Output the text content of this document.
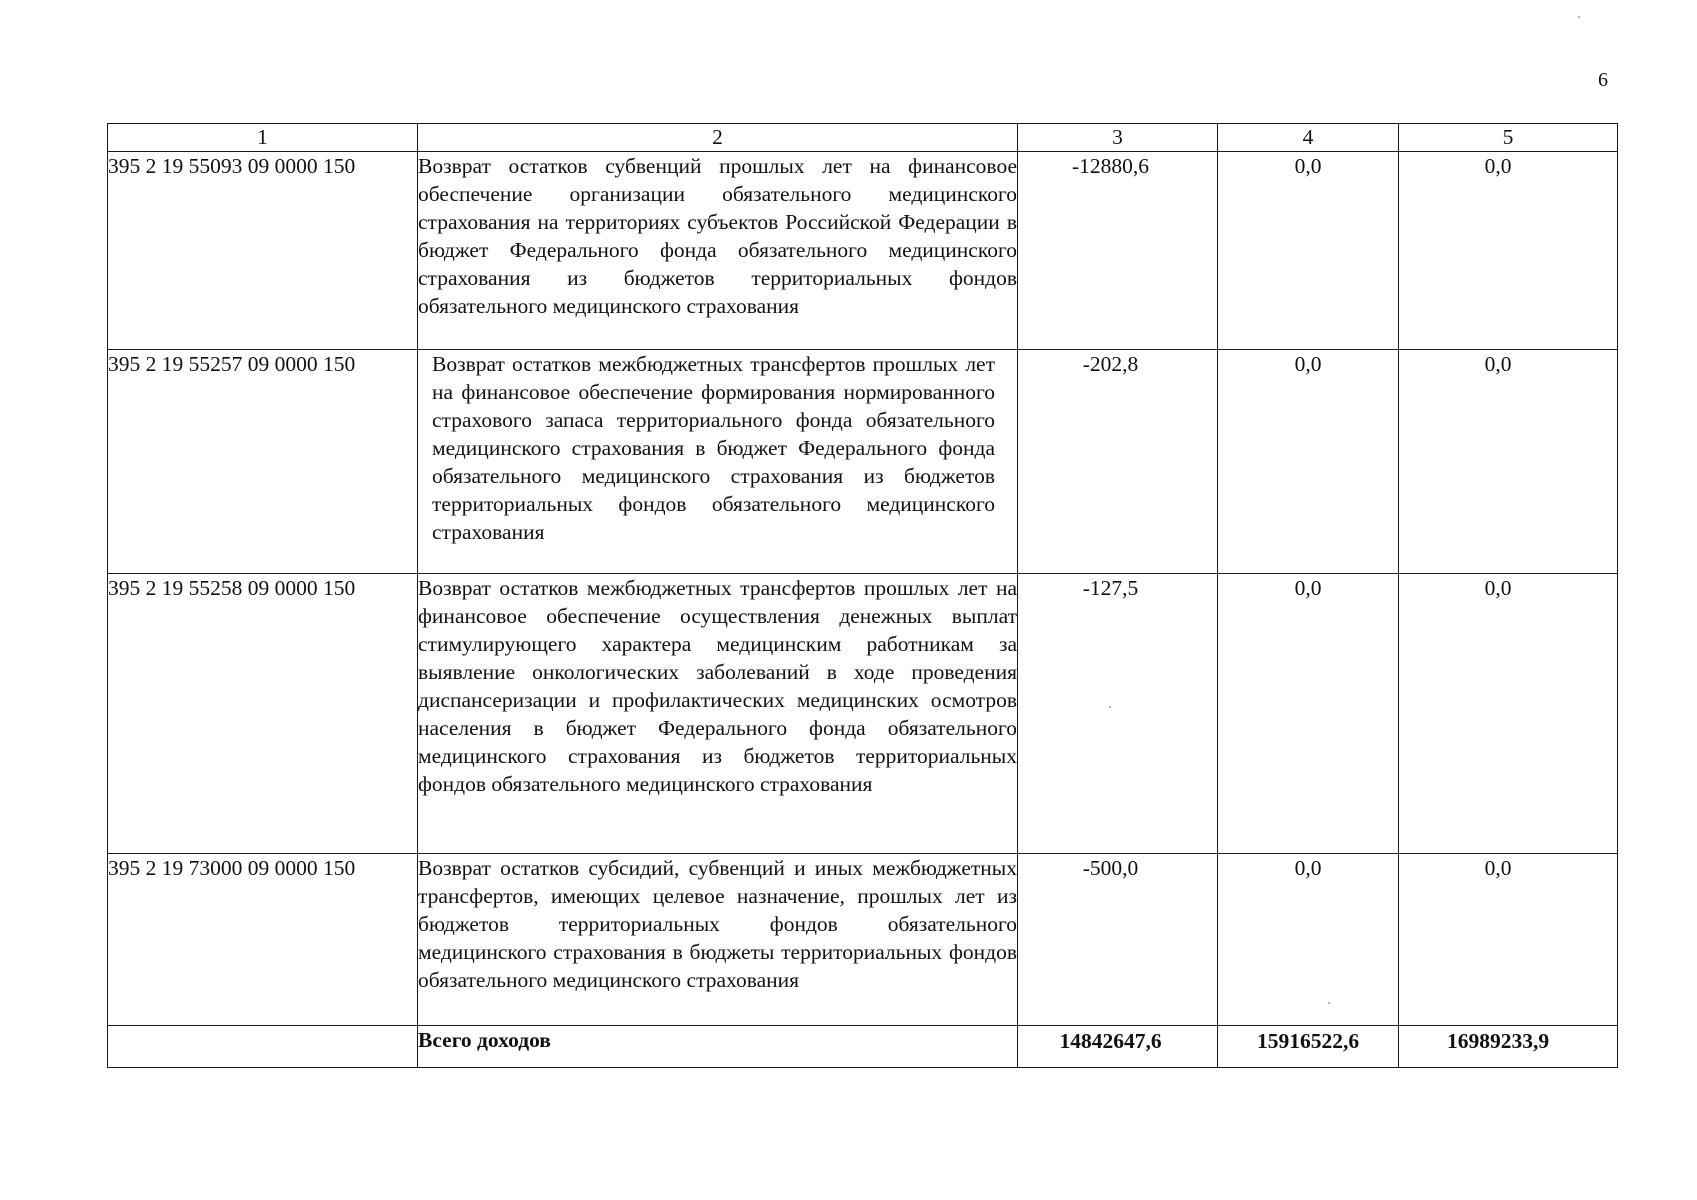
6
1	2	3	4	5
395 2 19 55093 09 0000 150	Возврат остатков субвенций прошлых лет на финансовое обеспечение организации обязательного медицинского страхования на территориях субъектов Российской Федерации в бюджет Федерального фонда обязательного медицинского страхования из бюджетов территориальных фондов обязательного медицинского страхования	-12880,6	0,0	0,0
395 2 19 55257 09 0000 150	Возврат остатков межбюджетных трансфертов прошлых лет на финансовое обеспечение формирования нормированного страхового запаса территориального фонда обязательного медицинского страхования в бюджет Федерального фонда обязательного медицинского страхования из бюджетов территориальных фондов обязательного медицинского страхования	-202,8	0,0	0,0
395 2 19 55258 09 0000 150	Возврат остатков межбюджетных трансфертов прошлых лет на финансовое обеспечение осуществления денежных выплат стимулирующего характера медицинским работникам за выявление онкологических заболеваний в ходе проведения диспансеризации и профилактических медицинских осмотров населения в бюджет Федерального фонда обязательного медицинского страхования из бюджетов территориальных фондов обязательного медицинского страхования	-127,5	0,0	0,0
395 2 19 73000 09 0000 150	Возврат остатков субсидий, субвенций и иных межбюджетных трансфертов, имеющих целевое назначение, прошлых лет из бюджетов территориальных фондов обязательного медицинского страхования в бюджеты территориальных фондов обязательного медицинского страхования	-500,0	0,0	0,0
	Всего доходов	14842647,6	15916522,6	16989233,9
